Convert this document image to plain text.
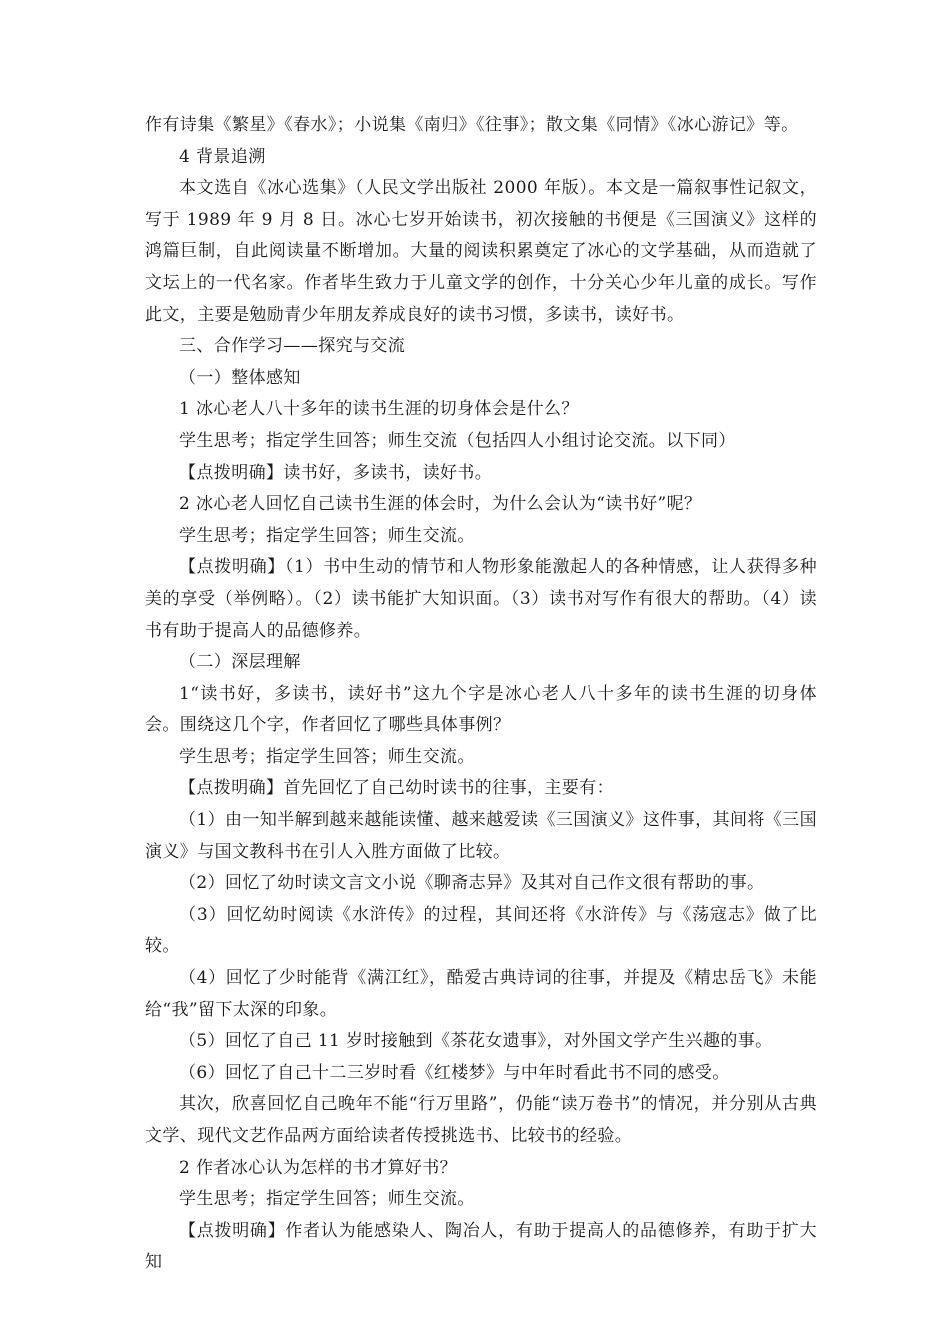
作有诗集《繁星》《春水》；小说集《南归》《往事》；散文集《同情》《冰心游记》等。

4 背景追溯

本文选自《冰心选集》（人民文学出版社 2000 年版）。本文是一篇叙事性记叙文，写于 1989 年 9 月 8 日。冰心七岁开始读书，初次接触的书便是《三国演义》这样的鸿篇巨制，自此阅读量不断增加。大量的阅读积累奠定了冰心的文学基础，从而造就了文坛上的一代名家。作者毕生致力于儿童文学的创作，十分关心少年儿童的成长。写作此文，主要是勉励青少年朋友养成良好的读书习惯，多读书，读好书。

三、合作学习——探究与交流

（一）整体感知

1 冰心老人八十多年的读书生涯的切身体会是什么？

学生思考；指定学生回答；师生交流（包括四人小组讨论交流。以下同）

【点拨明确】读书好，多读书，读好书。

2 冰心老人回忆自己读书生涯的体会时，为什么会认为“读书好”呢？

学生思考；指定学生回答；师生交流。

【点拨明确】（1）书中生动的情节和人物形象能激起人的各种情感，让人获得多种美的享受（举例略）。（2）读书能扩大知识面。（3）读书对写作有很大的帮助。（4）读书有助于提高人的品德修养。

（二）深层理解

1“读书好，多读书，读好书”这九个字是冰心老人八十多年的读书生涯的切身体会。围绕这几个字，作者回忆了哪些具体事例？

学生思考；指定学生回答；师生交流。

【点拨明确】首先回忆了自己幼时读书的往事，主要有：

（1）由一知半解到越来越能读懂、越来越爱读《三国演义》这件事，其间将《三国演义》与国文教科书在引人入胜方面做了比较。

（2）回忆了幼时读文言文小说《聊斋志异》及其对自己作文很有帮助的事。

（3）回忆幼时阅读《水浒传》的过程，其间还将《水浒传》与《荡寇志》做了比较。

（4）回忆了少时能背《满江红》，酷爱古典诗词的往事，并提及《精忠岳飞》未能给“我”留下太深的印象。

（5）回忆了自己 11 岁时接触到《茶花女遗事》，对外国文学产生兴趣的事。

（6）回忆了自己十二三岁时看《红楼梦》与中年时看此书不同的感受。

其次，欣喜回忆自己晚年不能“行万里路”，仍能“读万卷书”的情况，并分别从古典文学、现代文艺作品两方面给读者传授挑选书、比较书的经验。

2 作者冰心认为怎样的书才算好书？

学生思考；指定学生回答；师生交流。

【点拨明确】作者认为能感染人、陶冶人，有助于提高人的品德修养，有助于扩大知
